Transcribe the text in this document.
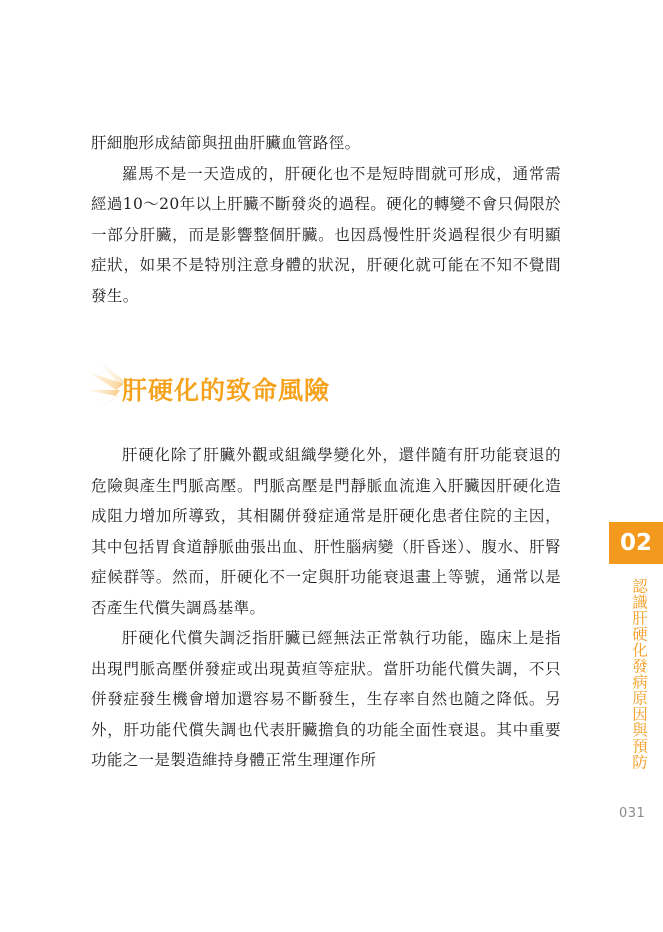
肝細胞形成結節與扭曲肝臟血管路徑。

羅馬不是一天造成的，肝硬化也不是短時間就可形成，通常需經過10～20年以上肝臟不斷發炎的過程。硬化的轉變不會只侷限於一部分肝臟，而是影響整個肝臟。也因爲慢性肝炎過程很少有明顯症狀，如果不是特別注意身體的狀況，肝硬化就可能在不知不覺間發生。

肝硬化的致命風險

肝硬化除了肝臟外觀或組織學變化外，還伴隨有肝功能衰退的危險與產生門脈高壓。門脈高壓是門靜脈血流進入肝臟因肝硬化造成阻力增加所導致，其相關併發症通常是肝硬化患者住院的主因，其中包括胃食道靜脈曲張出血、肝性腦病變（肝昏迷）、腹水、肝腎症候群等。然而，肝硬化不一定與肝功能衰退畫上等號，通常以是否產生代償失調爲基準。

肝硬化代償失調泛指肝臟已經無法正常執行功能，臨床上是指出現門脈高壓併發症或出現黃疸等症狀。當肝功能代償失調，不只併發症發生機會增加還容易不斷發生，生存率自然也隨之降低。另外，肝功能代償失調也代表肝臟擔負的功能全面性衰退。其中重要功能之一是製造維持身體正常生理運作所

02
認識肝硬化發病原因與預防
031
